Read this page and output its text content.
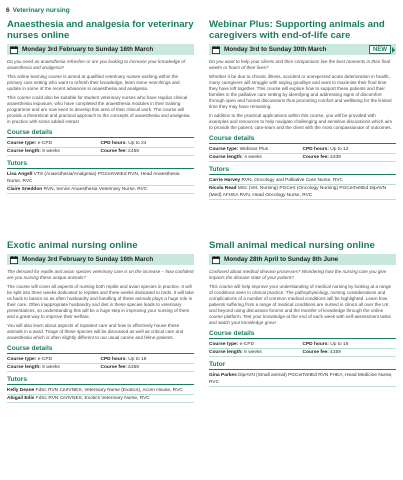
6 Veterinary nursing
Anaesthesia and analgesia for veterinary nurses online
Monday 3rd February to Sunday 16th March

Do you need an anaesthesia refresher or are you looking to increase your knowledge of anaesthesia and analgesia?

This online learning course is aimed at qualified veterinary nurses working within the primary care setting who want to refresh their knowledge, learn some new things and update in some of the recent advances in anaesthesia and analgesia.

This course could also be suitable for student veterinary nurses who have regular clinical anaesthesia exposure, who have completed the anaesthesia modules in their training programme and are now keen to develop this area of their clinical work. The course will provide a theoretical and practical approach to the concepts of anaesthesia and analgesia in practice with some added extras!

Course details
Course type: e-CPD	CPD hours: Up to 24
Course length: 8 weeks	Course fee: £459
Tutors
Lisa Angell VTS (Anaesthesia/Analgesia) PGCertVetEd RVN, Head Anaesthesia Nurse, RVC
Claire Sneddon RVN, Senior Anaesthesia Veterinary Nurse, RVC
Webinar Plus: Supporting animals and caregivers with end-of-life care
Monday 3rd to Sunday 30th March	NEW

Do you want to help your clients and their companions live the best moments in their final weeks or hours of their lives?

Whether it be due to chronic illness, accident or unexpected acute deterioration in health, many caregivers will struggle with saying goodbye and want to maximise their final time they have left together. This course will explore how to support these patients and their families in the palliative care setting by identifying and addressing signs of discomfort through open and honest discussions thus promoting comfort and wellbeing for the limited time they may have remaining.

In addition to the practical applications within this course, you will be provided with examples and resources to help navigate challenging and sensitive discussions which aim to provide the patient, care-team and the client with the most compassionate of outcomes.

Course details
Course type: Webinar Plus	CPD hours: Up to 12
Course length: 4 weeks	Course fee: £339
Tutors
Carrie Harvey RVN, Oncology and Palliative Care Nurse, RVC
Nicola Read MSc (Vet. Nursing) PGCert (Oncology Nursing) PGCertVetEd DipAVN (Med) AFHEA RVN, Head Oncology Nurse, RVC
Exotic animal nursing online
Monday 3rd February to Sunday 16th March

The demand for reptile and avian species veterinary care is on the increase – how confident are you nursing these unique animals?

The course will cover all aspects of nursing both reptile and avian species in practice. It will be split into three weeks dedicated to reptiles and three weeks dedicated to birds. It will take us back to basics so as often husbandry and handling of these animals plays a huge role in their care. Often inappropriate husbandry and diet in these species leads to veterinary presentations, so understanding this will be a huge step in improving your nursing of them and a great way to improve their welfare.

You will also learn about aspects of inpatient care and how to effectively house these animals in a ward. Triage of these species will be discussed as well as critical care and anaesthesia which is often slightly different to our usual canine and feline patients.

Course details
Course type: e-CPD	CPD hours: Up to 18
Course length: 6 weeks	Course fee: £359
Tutors
Kelly Deane FdSc RVN CertVNES, Veterinary Nurse (Exotics), Acorn House, RVC
Abigail Edis FdSc RVN CertVNES, Exotics Veterinary Nurse, RVC
Small animal medical nursing online
Monday 28th April to Sunday 8th June

Confused about medical disease processes? Wondering how the nursing care you give impacts the disease state of your patient?

This course will help improve your understanding of medical nursing by looking at a range of conditions seen in clinical practice. The pathophysiology, nursing considerations and complications of a number of common medical conditions will be highlighted. Learn how patients suffering from a range of medical conditions are nursed in clinics all over the UK and beyond using discussion forums and the transfer of knowledge through the online course platform. Test your knowledge at the end of each week with self-assessment tasks and watch your knowledge grow!

Course details
Course type: e-CPD	CPD hours: Up to 18
Course length: 6 weeks	Course fee: £359
Tutor
Gina Parkes DipAVN (Small animal) PGCertVetEd RVN FHEA, Head Medicine Nurse, RVC
